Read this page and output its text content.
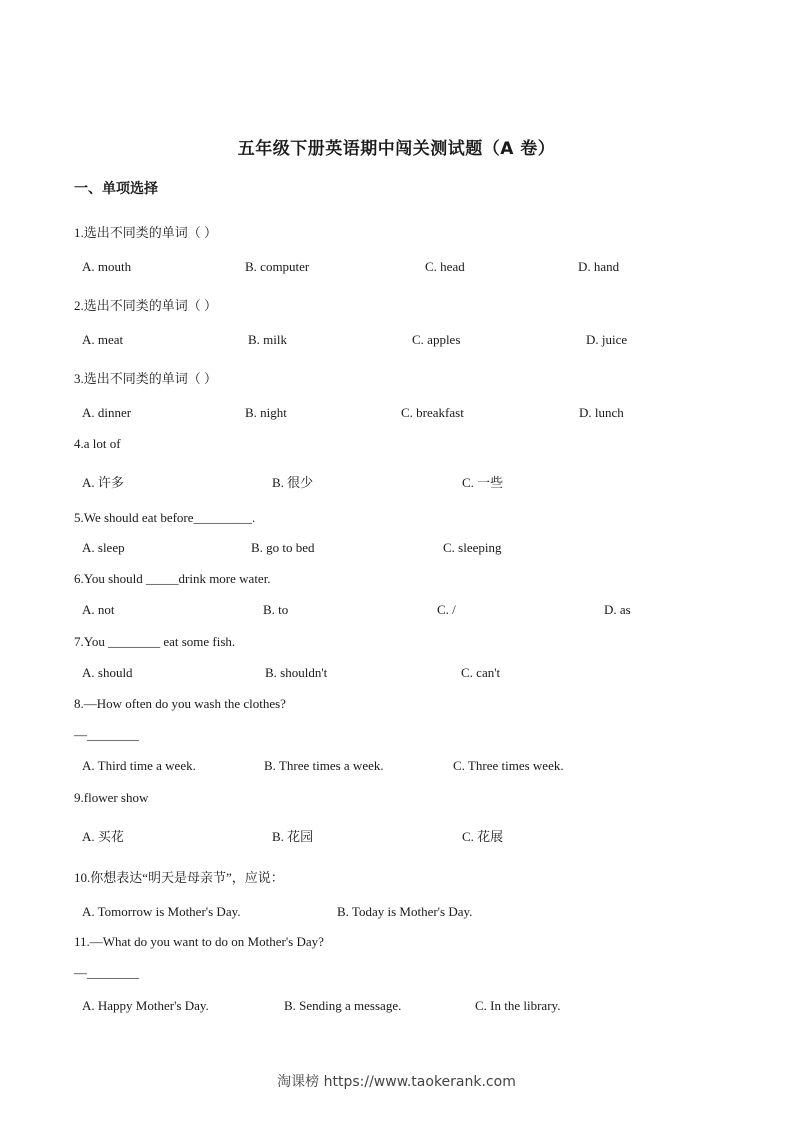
五年级下册英语期中闯关测试题（A 卷）
一、单项选择
1.选出不同类的单词（ ）
A. mouth	B. computer	C. head	D. hand
2.选出不同类的单词（ ）
A. meat	B. milk	C. apples	D. juice
3.选出不同类的单词（ ）
A. dinner	B. night	C. breakfast	D. lunch
4.a lot of
A. 许多	B. 很少	C. 一些
5.We should eat before_________.
A. sleep	B. go to bed	C. sleeping
6.You should _____drink more water.
A. not	B. to	C. /	D. as
7.You ________ eat some fish.
A. should	B. shouldn't	C. can't
8.—How often do you wash the clothes?
—________
A. Third time a week.	B. Three times a week.	C. Three times week.
9.flower show
A. 买花	B. 花园	C. 花展
10.你想表达“明天是母亲节”，应说：
A. Tomorrow is Mother's Day.	B. Today is Mother's Day.
11.—What do you want to do on Mother's Day?
—________
A. Happy Mother's Day.	B. Sending a message.	C. In the library.
淘课榜 https://www.taokerank.com
